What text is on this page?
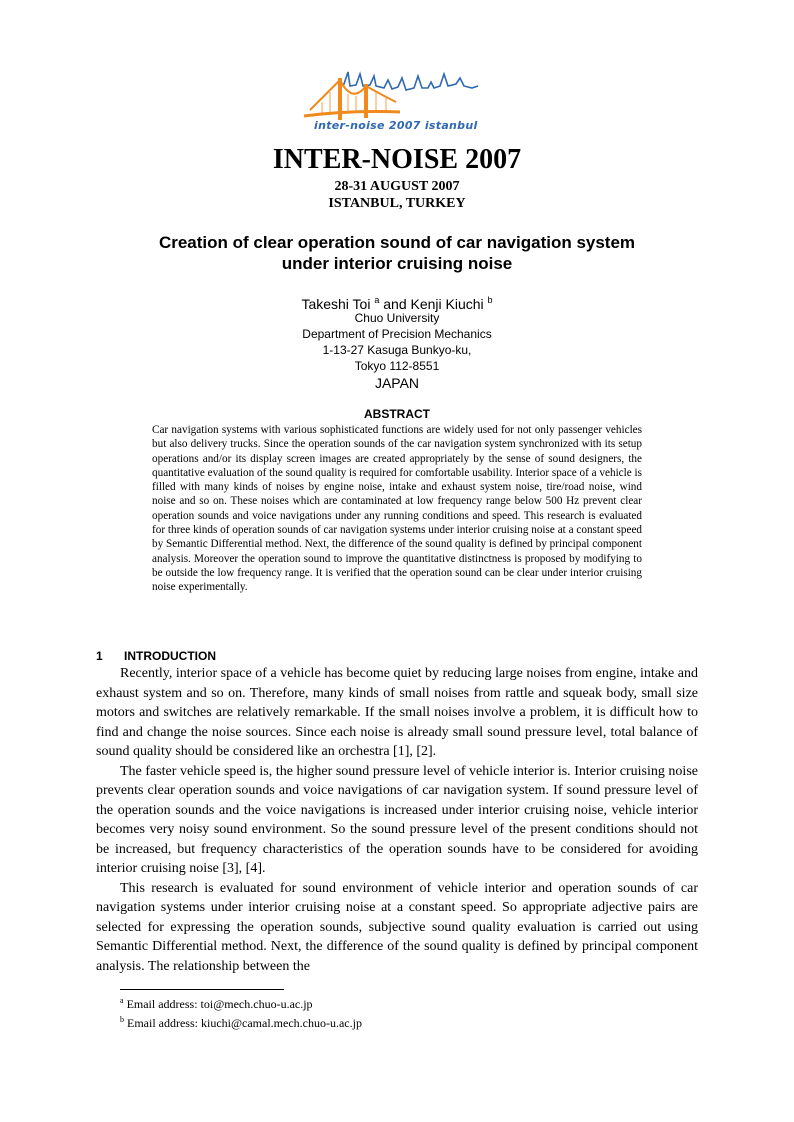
inter-noise 2007 istanbul
INTER-NOISE 2007
28-31 AUGUST 2007
ISTANBUL, TURKEY
Creation of clear operation sound of car navigation system
under interior cruising noise
Takeshi Toi $^a$ and Kenji Kiuchi $^b$
Chuo University
Department of Precision Mechanics
1-13-27 Kasuga Bunkyo-ku,
Tokyo 112-8551
JAPAN
ABSTRACT
Car navigation systems with various sophisticated functions are widely used for not only passenger vehicles but also delivery trucks. Since the operation sounds of the car navigation system synchronized with its setup operations and/or its display screen images are created appropriately by the sense of sound designers, the quantitative evaluation of the sound quality is required for comfortable usability. Interior space of a vehicle is filled with many kinds of noises by engine noise, intake and exhaust system noise, tire/road noise, wind noise and so on. These noises which are contaminated at low frequency range below 500 Hz prevent clear operation sounds and voice navigations under any running conditions and speed. This research is evaluated for three kinds of operation sounds of car navigation systems under interior cruising noise at a constant speed by Semantic Differential method. Next, the difference of the sound quality is defined by principal component analysis. Moreover the operation sound to improve the quantitative distinctness is proposed by modifying to be outside the low frequency range. It is verified that the operation sound can be clear under interior cruising noise experimentally.
1 INTRODUCTION

Recently, interior space of a vehicle has become quiet by reducing large noises from engine, intake and exhaust system and so on. Therefore, many kinds of small noises from rattle and squeak body, small size motors and switches are relatively remarkable. If the small noises involve a problem, it is difficult how to find and change the noise sources. Since each noise is already small sound pressure level, total balance of sound quality should be considered like an orchestra [1], [2].

The faster vehicle speed is, the higher sound pressure level of vehicle interior is. Interior cruising noise prevents clear operation sounds and voice navigations of car navigation system. If sound pressure level of the operation sounds and the voice navigations is increased under interior cruising noise, vehicle interior becomes very noisy sound environment. So the sound pressure level of the present conditions should not be increased, but frequency characteristics of the operation sounds have to be considered for avoiding interior cruising noise [3], [4].

This research is evaluated for sound environment of vehicle interior and operation sounds of car navigation systems under interior cruising noise at a constant speed. So appropriate adjective pairs are selected for expressing the operation sounds, subjective sound quality evaluation is carried out using Semantic Differential method. Next, the difference of the sound quality is defined by principal component analysis. The relationship between the

$^a$ Email address: toi@mech.chuo-u.ac.jp
$^b$ Email address: kiuchi@camal.mech.chuo-u.ac.jp
